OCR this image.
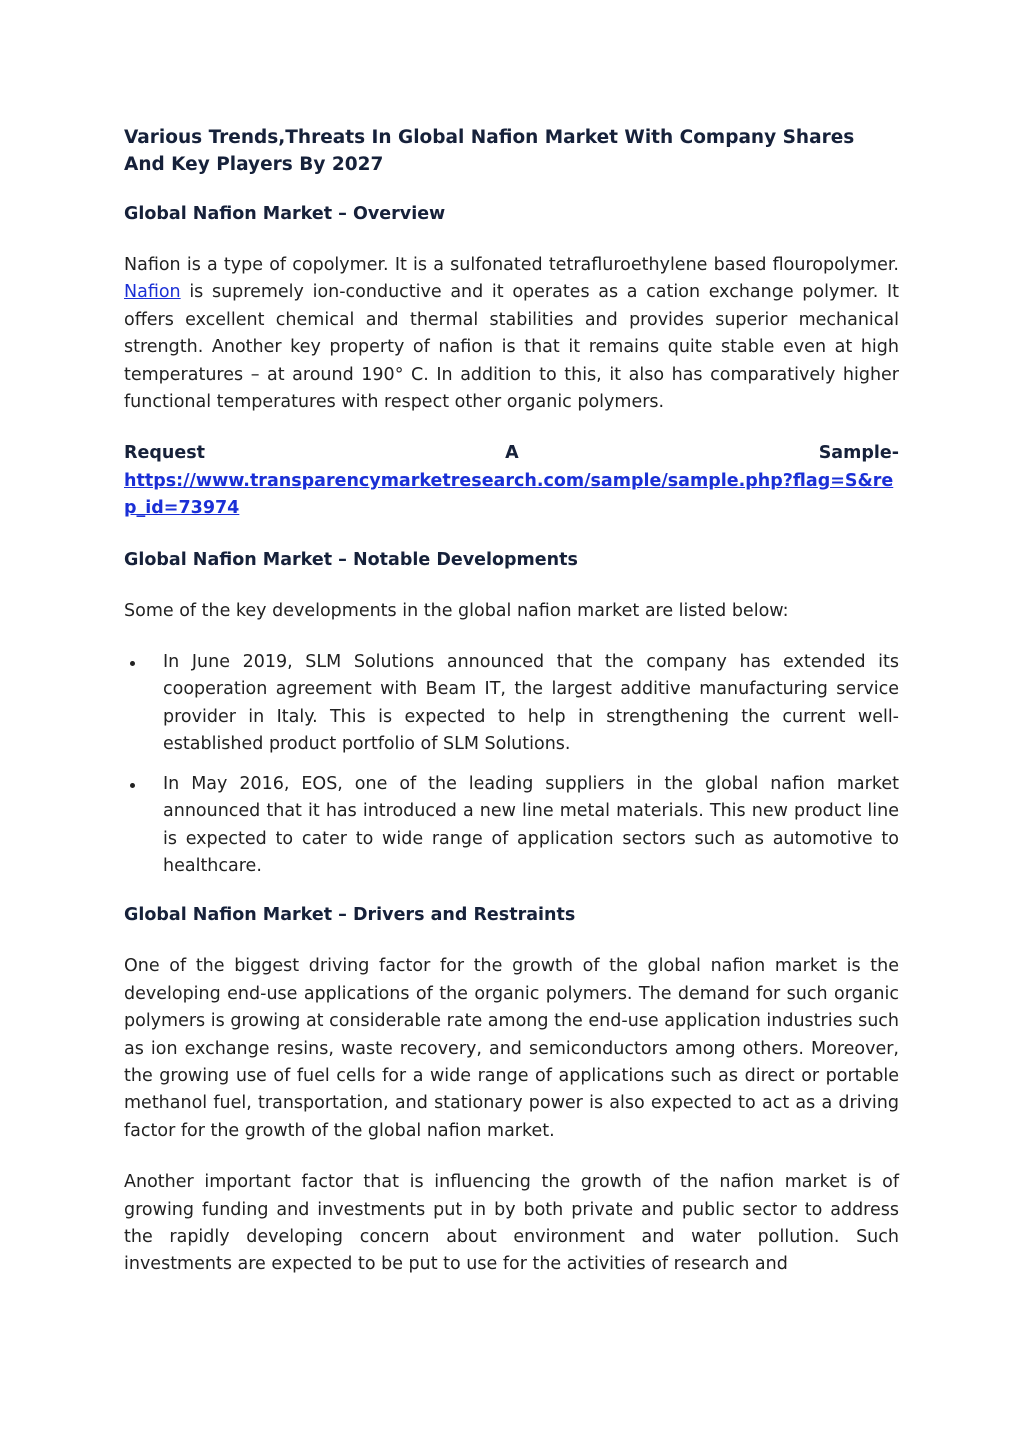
Various Trends,Threats In Global Nafion Market With Company Shares And Key Players By 2027
Global Nafion Market – Overview

Nafion is a type of copolymer. It is a sulfonated tetrafluroethylene based flouropolymer. Nafion is supremely ion-conductive and it operates as a cation exchange polymer. It offers excellent chemical and thermal stabilities and provides superior mechanical strength. Another key property of nafion is that it remains quite stable even at high temperatures – at around 190° C. In addition to this, it also has comparatively higher functional temperatures with respect other organic polymers.

Request	A	Sample-
https://www.transparencymarketresearch.com/sample/sample.php?flag=S&rep_id=73974
Global Nafion Market – Notable Developments

Some of the key developments in the global nafion market are listed below:

In June 2019, SLM Solutions announced that the company has extended its cooperation agreement with Beam IT, the largest additive manufacturing service provider in Italy. This is expected to help in strengthening the current well-established product portfolio of SLM Solutions.
In May 2016, EOS, one of the leading suppliers in the global nafion market announced that it has introduced a new line metal materials. This new product line is expected to cater to wide range of application sectors such as automotive to healthcare.
Global Nafion Market – Drivers and Restraints

One of the biggest driving factor for the growth of the global nafion market is the developing end-use applications of the organic polymers. The demand for such organic polymers is growing at considerable rate among the end-use application industries such as ion exchange resins, waste recovery, and semiconductors among others. Moreover, the growing use of fuel cells for a wide range of applications such as direct or portable methanol fuel, transportation, and stationary power is also expected to act as a driving factor for the growth of the global nafion market.

Another important factor that is influencing the growth of the nafion market is of growing funding and investments put in by both private and public sector to address the rapidly developing concern about environment and water pollution. Such investments are expected to be put to use for the activities of research and
